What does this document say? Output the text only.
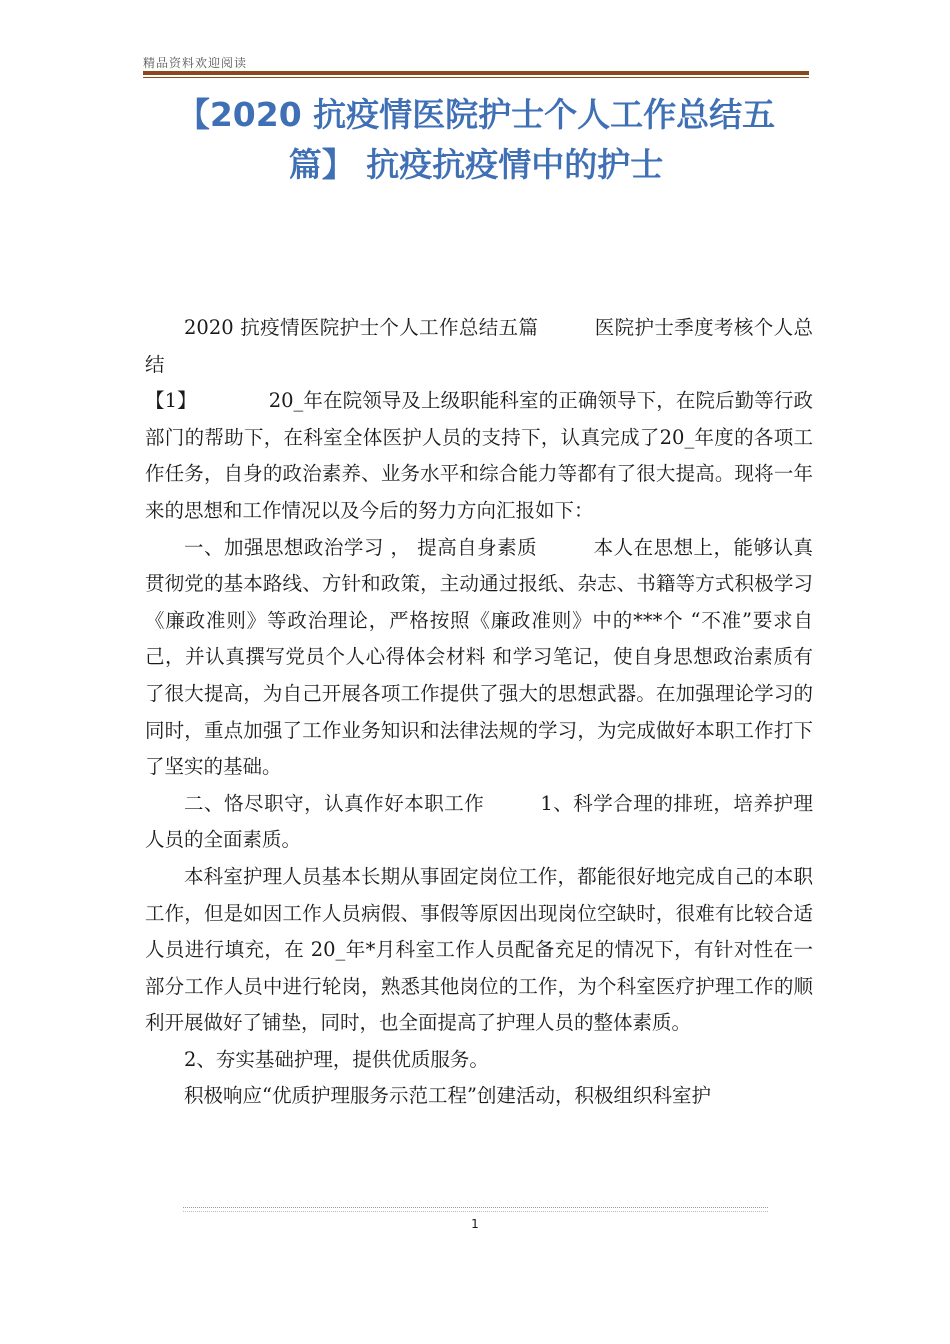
精品资料欢迎阅读
【2020 抗疫情医院护士个人工作总结五
篇】 抗疫抗疫情中的护士

2020 抗疫情医院护士个人工作总结五篇	医院护士季度考核个人总结

【1】	20_年在院领导及上级职能科室的正确领导下，在院后勤等行政部门的帮助下，在科室全体医护人员的支持下，认真完成了20_年度的各项工作任务，自身的政治素养、业务水平和综合能力等都有了很大提高。现将一年来的思想和工作情况以及今后的努力方向汇报如下：

一、加强思想政治学习 ， 提高自身素质	本人在思想上，能够认真贯彻党的基本路线、方针和政策，主动通过报纸、杂志、书籍等方式积极学习《廉政准则》等政治理论，严格按照《廉政准则》中的***个 “不准”要求自己，并认真撰写党员个人心得体会材料 和学习笔记，使自身思想政治素质有了很大提高，为自己开展各项工作提供了强大的思想武器。在加强理论学习的同时，重点加强了工作业务知识和法律法规的学习，为完成做好本职工作打下了坚实的基础。

二、恪尽职守，认真作好本职工作	1、科学合理的排班，培养护理人员的全面素质。

本科室护理人员基本长期从事固定岗位工作，都能很好地完成自己的本职工作，但是如因工作人员病假、事假等原因出现岗位空缺时，很难有比较合适人员进行填充，在 20_年*月科室工作人员配备充足的情况下，有针对性在一部分工作人员中进行轮岗，熟悉其他岗位的工作，为个科室医疗护理工作的顺利开展做好了铺垫，同时，也全面提高了护理人员的整体素质。

2、夯实基础护理，提供优质服务。

积极响应“优质护理服务示范工程”创建活动，积极组织科室护

1
